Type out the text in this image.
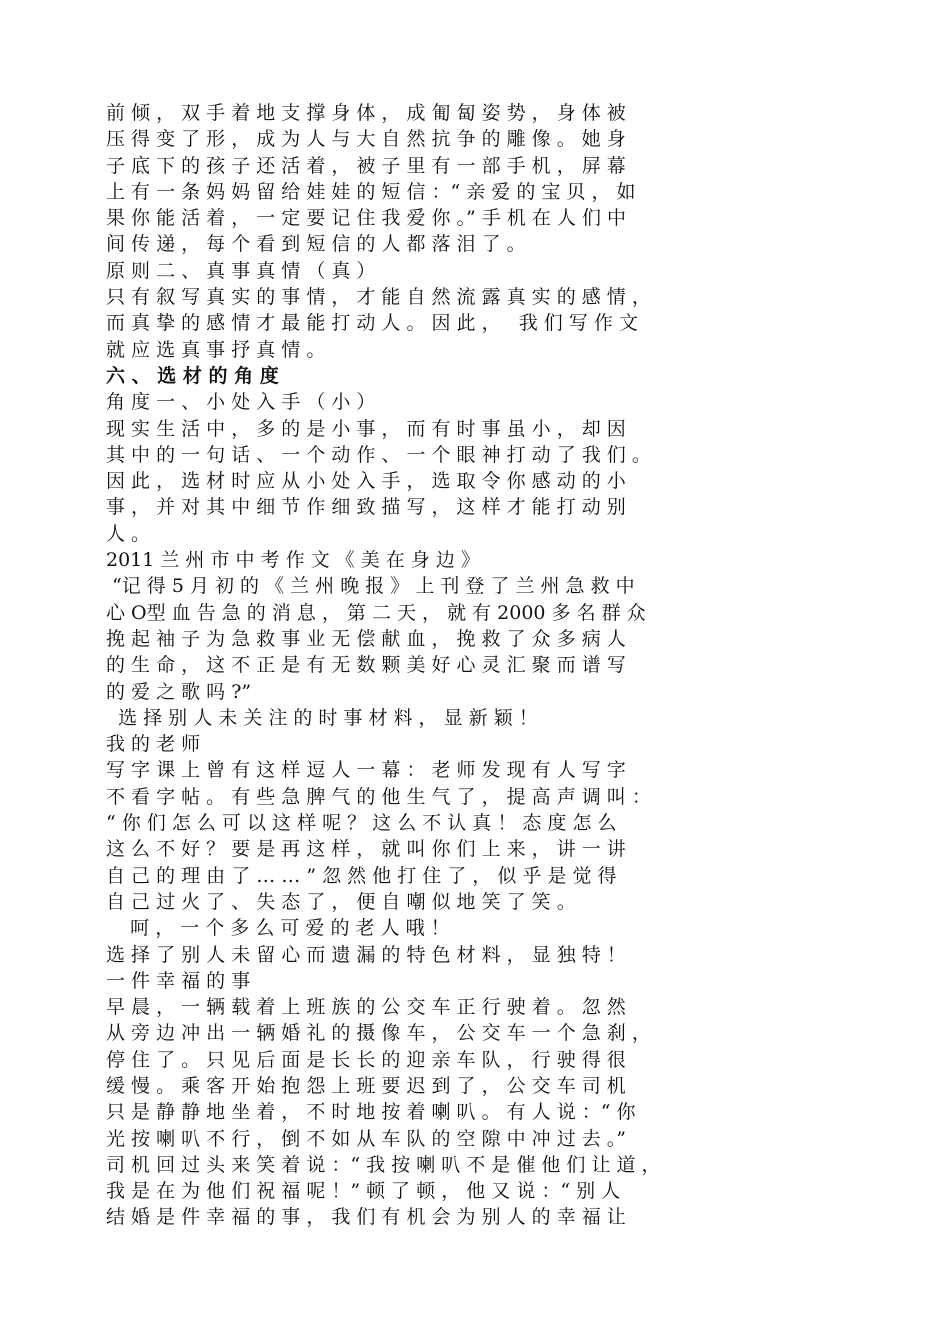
前 倾 ， 双 手 着 地 支 撑 身 体 ， 成 匍 匐 姿 势 ， 身 体 被
压 得 变 了 形 ， 成 为 人 与 大 自 然 抗 争 的 雕 像 。 她 身
子 底 下 的 孩 子 还 活 着 ， 被 子 里 有 一 部 手 机 ， 屏 幕
上 有 一 条 妈 妈 留 给 娃 娃 的 短 信 ：“ 亲 爱 的 宝 贝 ， 如
果 你 能 活 着 ， 一 定 要 记 住 我 爱 你 。” 手 机 在 人 们 中
间 传 递 ， 每 个 看 到 短 信 的 人 都 落 泪 了 。
原 则 二 、 真 事 真 情 （ 真 ）
只 有 叙 写 真 实 的 事 情 ， 才 能 自 然 流 露 真 实 的 感 情 ，
而 真 挚 的 感 情 才 最 能 打 动 人 。 因 此 ，   我 们 写 作 文
就 应 选 真 事 抒 真 情 。
六 、 选 材 的 角 度
角 度 一 、 小 处 入 手 （ 小 ）
现 实 生 活 中 ， 多 的 是 小 事 ， 而 有 时 事 虽 小 ， 却 因
其 中 的 一 句 话 、 一 个 动 作 、 一 个 眼 神 打 动 了 我 们 。
因 此 ， 选 材 时 应 从 小 处 入 手 ， 选 取 令 你 感 动 的 小
事 ， 并 对 其 中 细 节 作 细 致 描 写 ， 这 样 才 能 打 动 别
人 。
2011 兰 州 市 中 考 作 文 《 美 在 身 边 》
“记 得 5 月 初 的 《 兰 州 晚 报 》 上 刊 登 了 兰 州 急 救 中
心 O型 血 告 急 的 消 息 ， 第 二 天 ， 就 有 2000 多 名 群 众
挽 起 袖 子 为 急 救 事 业 无 偿 献 血 ， 挽 救 了 众 多 病 人
的 生 命 ， 这 不 正 是 有 无 数 颗 美 好 心 灵 汇 聚 而 谱 写
的 爱 之 歌 吗 ?”
选 择 别 人 未 关 注 的 时 事 材 料 ， 显 新 颖 ！
我 的 老 师
写 字 课 上 曾 有 这 样 逗 人 一 幕 ： 老 师 发 现 有 人 写 字
不 看 字 帖 。 有 些 急 脾 气 的 他 生 气 了 ， 提 高 声 调 叫 ：
“ 你 们 怎 么 可 以 这 样 呢 ？ 这 么 不 认 真 ！ 态 度 怎 么
这 么 不 好 ？ 要 是 再 这 样 ， 就 叫 你 们 上 来 ， 讲 一 讲
自 己 的 理 由 了 … … ” 忽 然 他 打 住 了 ， 似 乎 是 觉 得
自 己 过 火 了 、 失 态 了 ， 便 自 嘲 似 地 笑 了 笑 。
呵 ， 一 个 多 么 可 爱 的 老 人 哦 ！
选 择 了 别 人 未 留 心 而 遗 漏 的 特 色 材 料 ， 显 独 特 ！
一 件 幸 福 的 事
早 晨 ， 一 辆 载 着 上 班 族 的 公 交 车 正 行 驶 着 。 忽 然
从 旁 边 冲 出 一 辆 婚 礼 的 摄 像 车 ， 公 交 车 一 个 急 刹 ，
停 住 了 。 只 见 后 面 是 长 长 的 迎 亲 车 队 ， 行 驶 得 很
缓 慢 。 乘 客 开 始 抱 怨 上 班 要 迟 到 了 ， 公 交 车 司 机
只 是 静 静 地 坐 着 ， 不 时 地 按 着 喇 叭 。 有 人 说 ：“ 你
光 按 喇 叭 不 行 ， 倒 不 如 从 车 队 的 空 隙 中 冲 过 去 。”
司 机 回 过 头 来 笑 着 说 ：“ 我 按 喇 叭 不 是 催 他 们 让 道 ，
我 是 在 为 他 们 祝 福 呢 ！” 顿 了 顿 ， 他 又 说 ：“ 别 人
结 婚 是 件 幸 福 的 事 ， 我 们 有 机 会 为 别 人 的 幸 福 让
